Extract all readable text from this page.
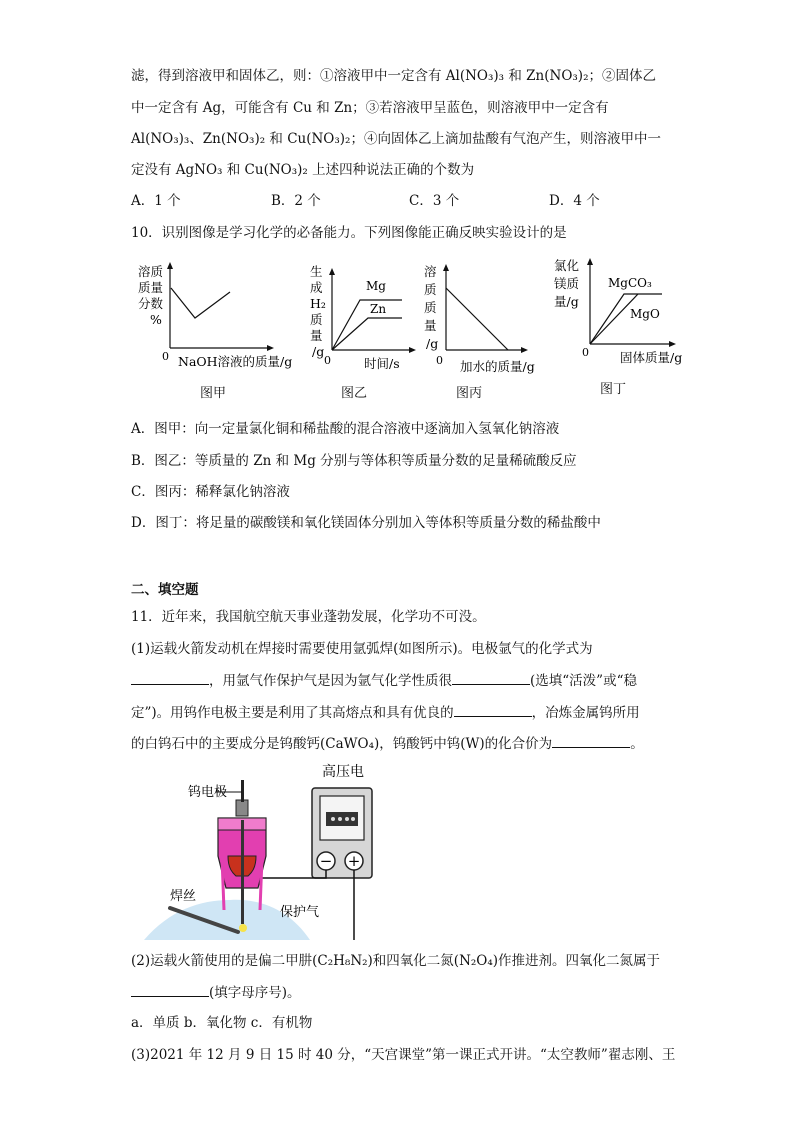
滤，得到溶液甲和固体乙，则：①溶液甲中一定含有 Al(NO₃)₃ 和 Zn(NO₃)₂；②固体乙
中一定含有 Ag，可能含有 Cu 和 Zn；③若溶液甲呈蓝色，则溶液甲中一定含有
Al(NO₃)₃、Zn(NO₃)₂ 和 Cu(NO₃)₂；④向固体乙上滴加盐酸有气泡产生，则溶液甲中一
定没有 AgNO₃ 和 Cu(NO₃)₂ 上述四种说法正确的个数为
A．1 个	B．2 个	C．3 个	D．4 个
10．识别图像是学习化学的必备能力。下列图像能正确反映实验设计的是
溶质
质量
分数
%
0 NaOH溶液的质量/g
图甲
生
成
H₂
质
量
/g
Mg
Zn
0	时间/s
图乙
溶
质
质
量
/g
0 加水的质量/g
图丙
氯化
镁质
量/g
MgCO₃
MgO
0 固体质量/g
图丁
A．图甲：向一定量氯化铜和稀盐酸的混合溶液中逐滴加入氢氧化钠溶液
B．图乙：等质量的 Zn 和 Mg 分别与等体积等质量分数的足量稀硫酸反应
C．图丙：稀释氯化钠溶液
D．图丁：将足量的碳酸镁和氧化镁固体分别加入等体积等质量分数的稀盐酸中
二、填空题
11．近年来，我国航空航天事业蓬勃发展，化学功不可没。
(1)运载火箭发动机在焊接时需要使用氩弧焊(如图所示)。电极氩气的化学式为
，用氩气作保护气是因为氩气化学性质很	(选填“活泼”或“稳
定”)。用钨作电极主要是利用了其高熔点和具有优良的	，冶炼金属钨所用
的白钨石中的主要成分是钨酸钙(CaWO₄)，钨酸钙中钨(W)的化合价为	。
− +
钨电极
高压电
焊丝
保护气
(2)运载火箭使用的是偏二甲肼(C₂H₈N₂)和四氧化二氮(N₂O₄)作推进剂。四氧化二氮属于
(填字母序号)。
a．单质 b．氧化物 c．有机物
(3)2021 年 12 月 9 日 15 时 40 分，“天宫课堂”第一课正式开讲。“太空教师”翟志刚、王
